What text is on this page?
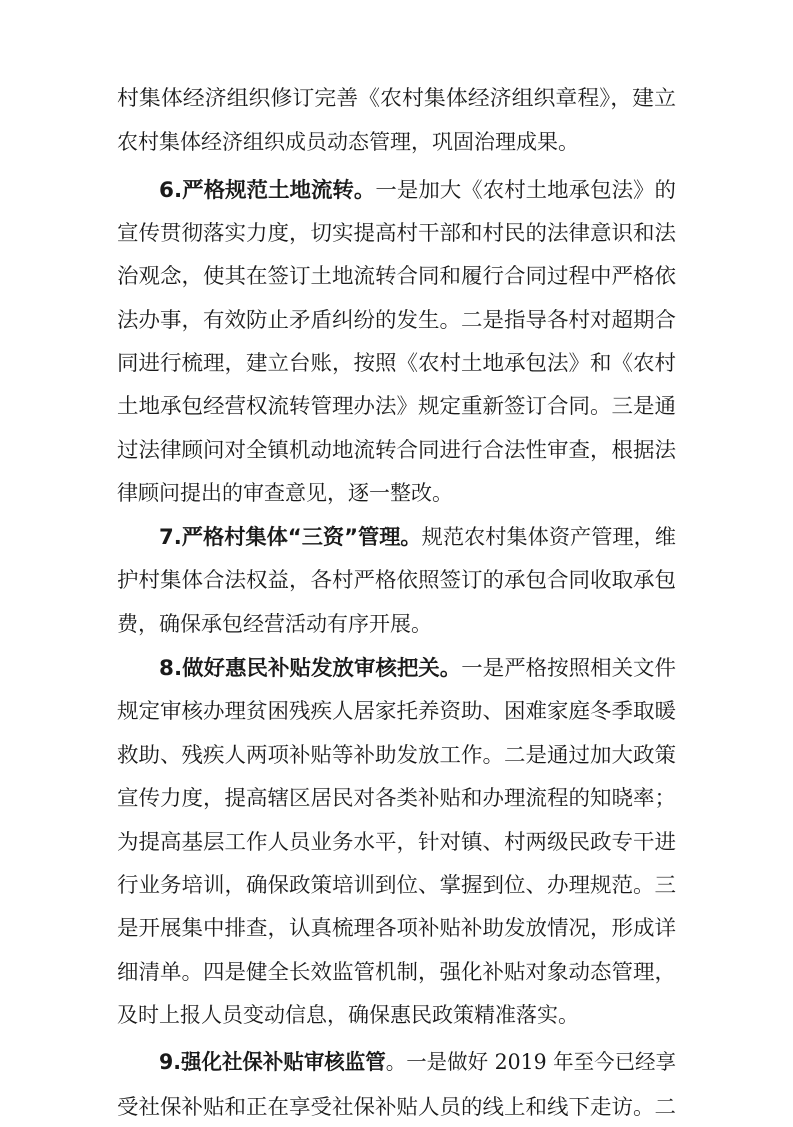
村集体经济组织修订完善《农村集体经济组织章程》，建立
农村集体经济组织成员动态管理，巩固治理成果。
6.严格规范土地流转。一是加大《农村土地承包法》的
宣传贯彻落实力度，切实提高村干部和村民的法律意识和法
治观念，使其在签订土地流转合同和履行合同过程中严格依
法办事，有效防止矛盾纠纷的发生。二是指导各村对超期合
同进行梳理，建立台账，按照《农村土地承包法》和《农村
土地承包经营权流转管理办法》规定重新签订合同。三是通
过法律顾问对全镇机动地流转合同进行合法性审查，根据法
律顾问提出的审查意见，逐一整改。
7.严格村集体“三资”管理。规范农村集体资产管理，维
护村集体合法权益，各村严格依照签订的承包合同收取承包
费，确保承包经营活动有序开展。
8.做好惠民补贴发放审核把关。一是严格按照相关文件
规定审核办理贫困残疾人居家托养资助、困难家庭冬季取暖
救助、残疾人两项补贴等补助发放工作。二是通过加大政策
宣传力度，提高辖区居民对各类补贴和办理流程的知晓率；
为提高基层工作人员业务水平，针对镇、村两级民政专干进
行业务培训，确保政策培训到位、掌握到位、办理规范。三
是开展集中排查，认真梳理各项补贴补助发放情况，形成详
细清单。四是健全长效监管机制，强化补贴对象动态管理，
及时上报人员变动信息，确保惠民政策精准落实。
9.强化社保补贴审核监管。一是做好 2019 年至今已经享
受社保补贴和正在享受社保补贴人员的线上和线下走访。二
